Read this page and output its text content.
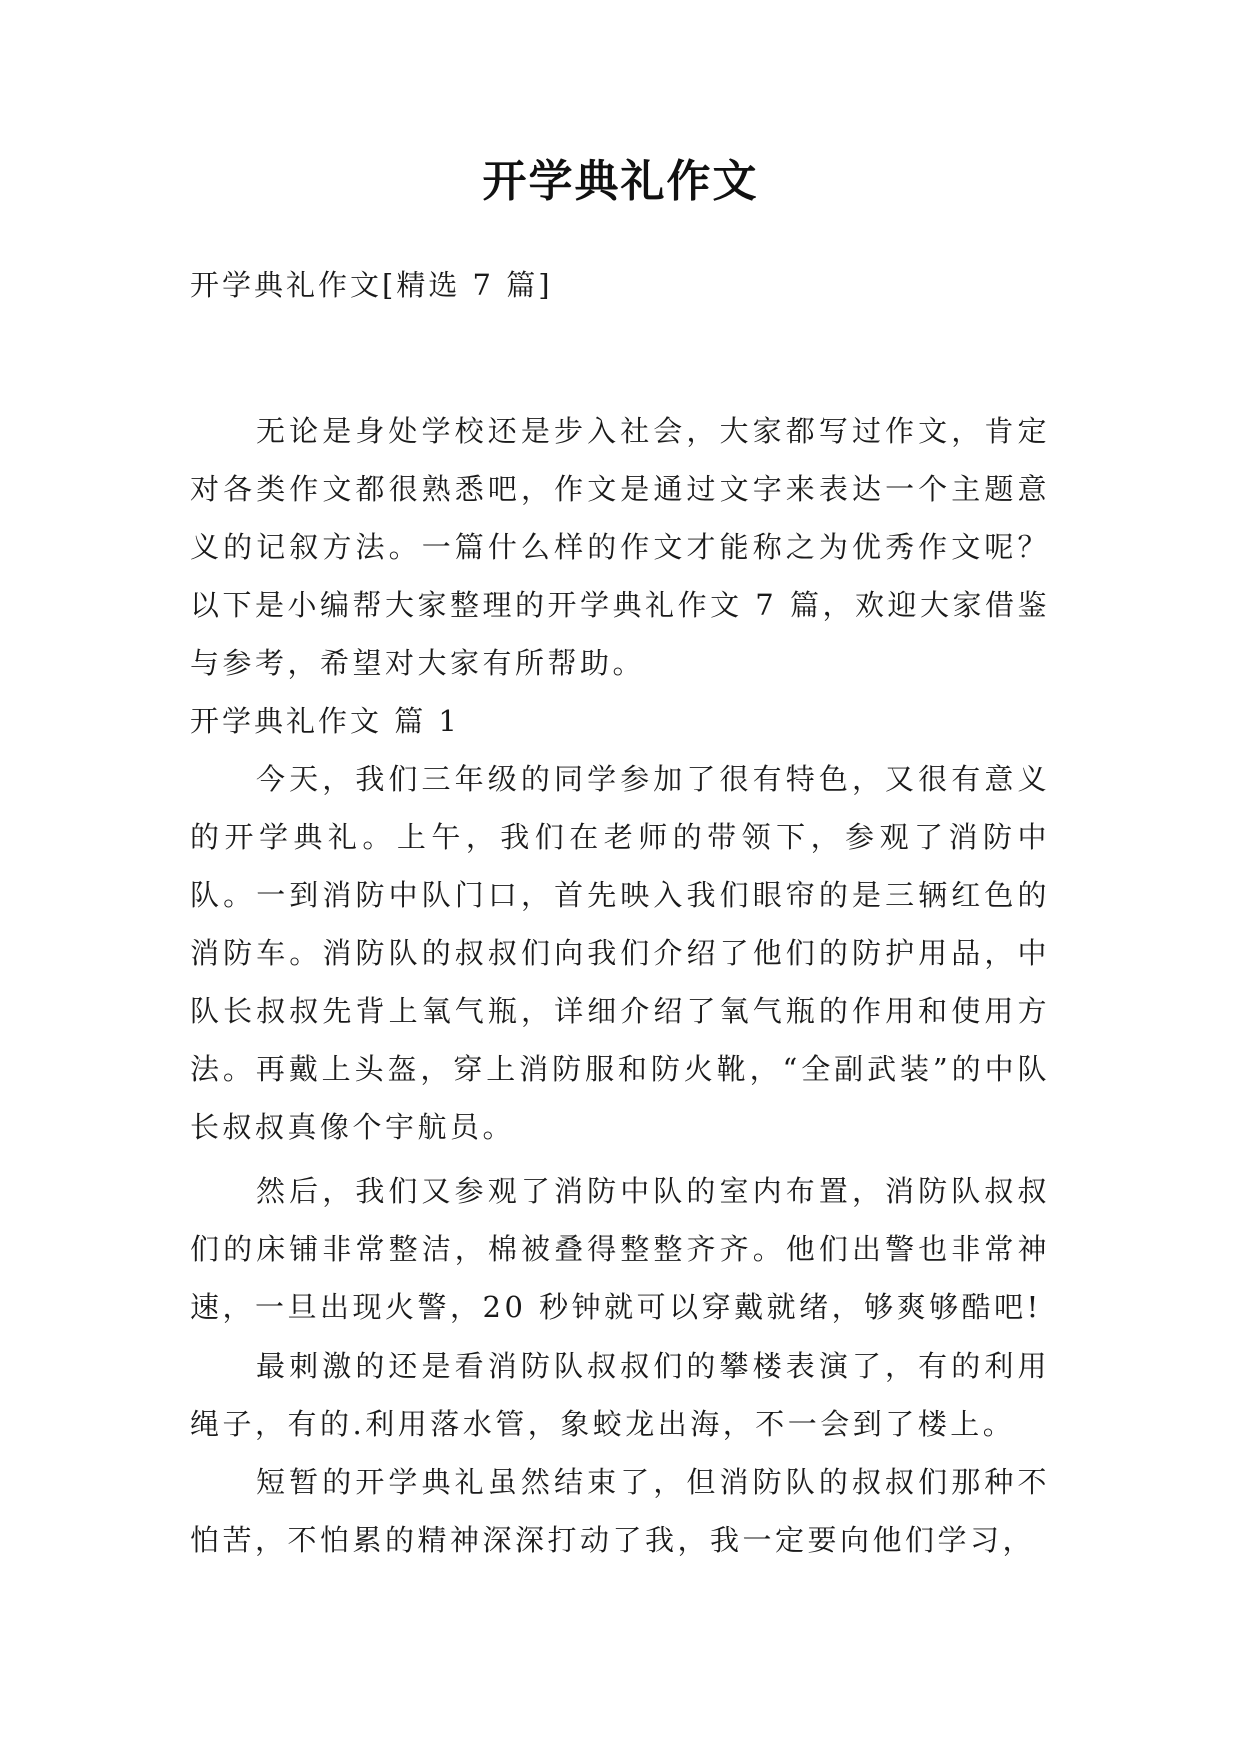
开学典礼作文

开学典礼作文[精选 7 篇]

无论是身处学校还是步入社会，大家都写过作文，肯定对各类作文都很熟悉吧，作文是通过文字来表达一个主题意义的记叙方法。一篇什么样的作文才能称之为优秀作文呢？以下是小编帮大家整理的开学典礼作文 7 篇，欢迎大家借鉴与参考，希望对大家有所帮助。

开学典礼作文 篇 1

今天，我们三年级的同学参加了很有特色，又很有意义的开学典礼。上午，我们在老师的带领下，参观了消防中队。一到消防中队门口，首先映入我们眼帘的是三辆红色的消防车。消防队的叔叔们向我们介绍了他们的防护用品，中队长叔叔先背上氧气瓶，详细介绍了氧气瓶的作用和使用方法。再戴上头盔，穿上消防服和防火靴，“全副武装”的中队长叔叔真像个宇航员。

然后，我们又参观了消防中队的室内布置，消防队叔叔们的床铺非常整洁，棉被叠得整整齐齐。他们出警也非常神速，一旦出现火警，20 秒钟就可以穿戴就绪，够爽够酷吧!

最刺激的还是看消防队叔叔们的攀楼表演了，有的利用绳子，有的.利用落水管，象蛟龙出海，不一会到了楼上。

短暂的开学典礼虽然结束了，但消防队的叔叔们那种不怕苦，不怕累的精神深深打动了我，我一定要向他们学习，
